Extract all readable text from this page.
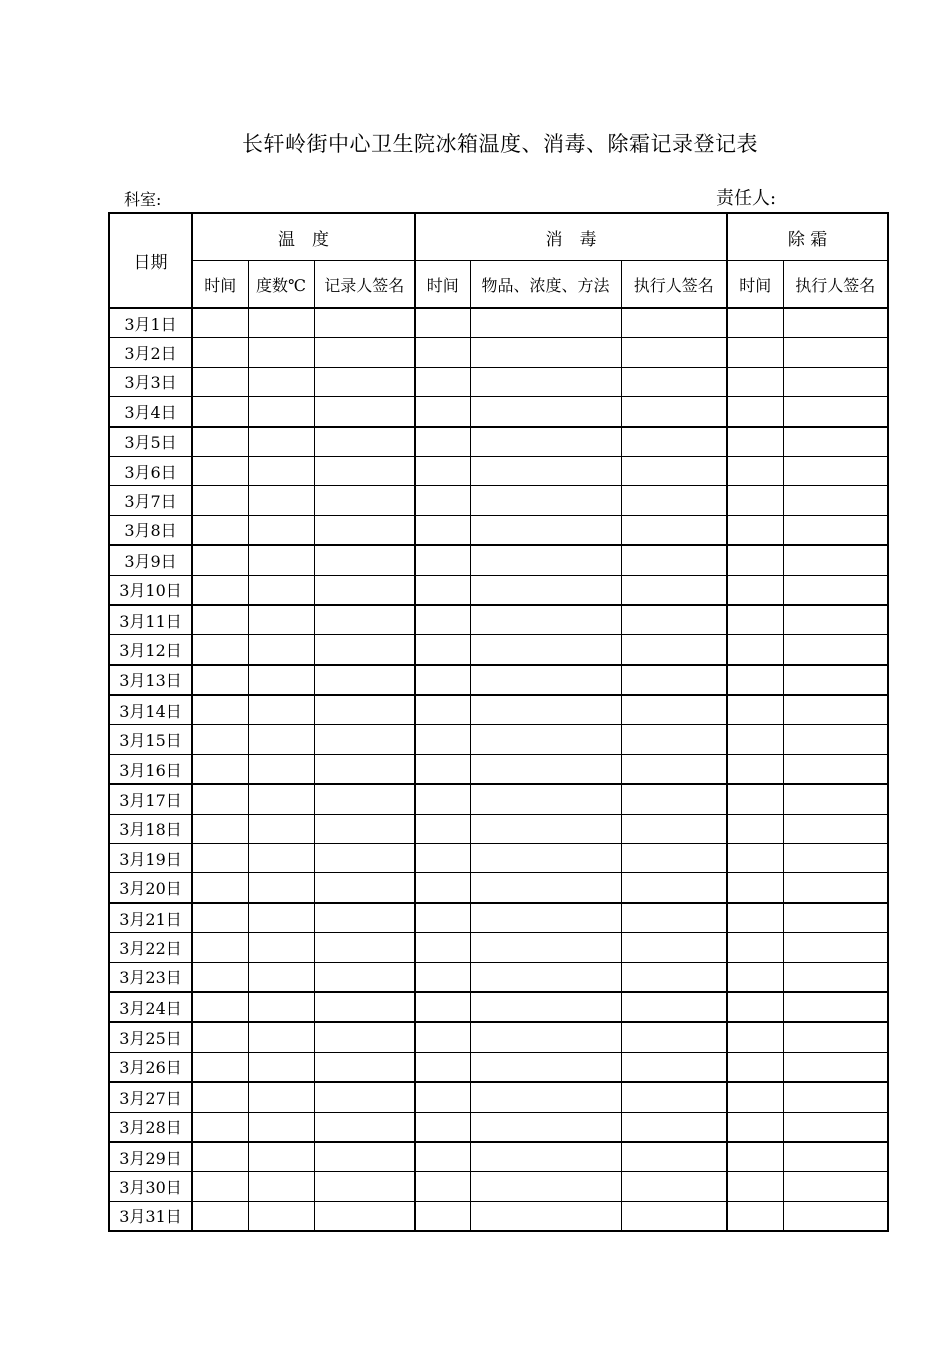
长轩岭街中心卫生院冰箱温度、消毒、除霜记录登记表
科室:	责任人:
日期	温　度			消　毒			除 霜	
	时间	度数℃	记录人签名	时间	物品、浓度、方法	执行人签名	时间	执行人签名
3月1日								
3月2日								
3月3日								
3月4日								
3月5日								
3月6日								
3月7日								
3月8日								
3月9日								
3月10日								
3月11日								
3月12日								
3月13日								
3月14日								
3月15日								
3月16日								
3月17日								
3月18日								
3月19日								
3月20日								
3月21日								
3月22日								
3月23日								
3月24日								
3月25日								
3月26日								
3月27日								
3月28日								
3月29日								
3月30日								
3月31日								
